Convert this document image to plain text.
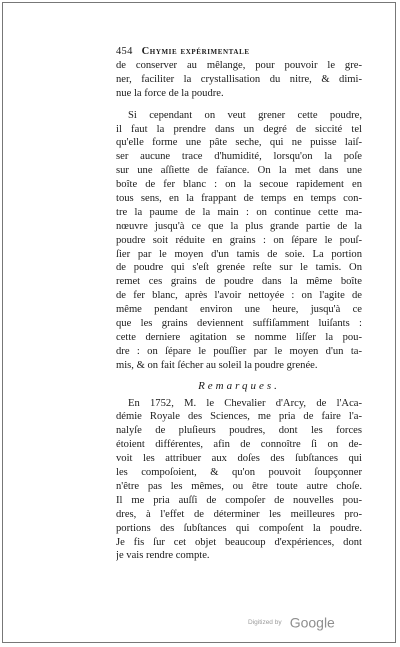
454 Chymie expérimentale
de conserver au mêlange, pour pouvoir le gre-
ner, faciliter la crystallisation du nitre, & dimi-
nue la force de la poudre.
Si cependant on veut grener cette poudre,
il faut la prendre dans un degré de siccité tel
qu'elle forme une pâte seche, qui ne puisse laiſ-
ser aucune trace d'humidité, lorsqu'on la poſe
sur une aſſiette de faïance. On la met dans une
boîte de fer blanc : on la secoue rapidement en
tous sens, en la frappant de temps en temps con-
tre la paume de la main : on continue cette ma-
nœuvre jusqu'à ce que la plus grande partie de la
poudre soit réduite en grains : on ſépare le pouſ-
ſier par le moyen d'un tamis de soie. La portion
de poudre qui s'eſt grenée reſte sur le tamis. On
remet ces grains de poudre dans la même boîte
de fer blanc, après l'avoir nettoyée : on l'agite de
même pendant environ une heure, jusqu'à ce
que les grains deviennent suffiſamment luiſants :
cette derniere agitation se nomme liſſer la pou-
dre : on ſépare le pouſſier par le moyen d'un ta-
mis, & on fait ſécher au soleil la poudre grenée.
Remarques.
En 1752, M. le Chevalier d'Arcy, de l'Aca-
démie Royale des Sciences, me pria de faire l'a-
nalyſe de pluſieurs poudres, dont les forces
étoient différentes, afin de connoître ſi on de-
voit les attribuer aux doſes des ſubſtances qui
les compoſoient, & qu'on pouvoit ſoupçonner
n'être pas les mêmes, ou être toute autre choſe.
Il me pria auſſi de compoſer de nouvelles pou-
dres, à l'effet de déterminer les meilleures pro-
portions des ſubſtances qui compoſent la poudre.
Je fis ſur cet objet beaucoup d'expériences, dont
je vais rendre compte.
Digitized by Google
